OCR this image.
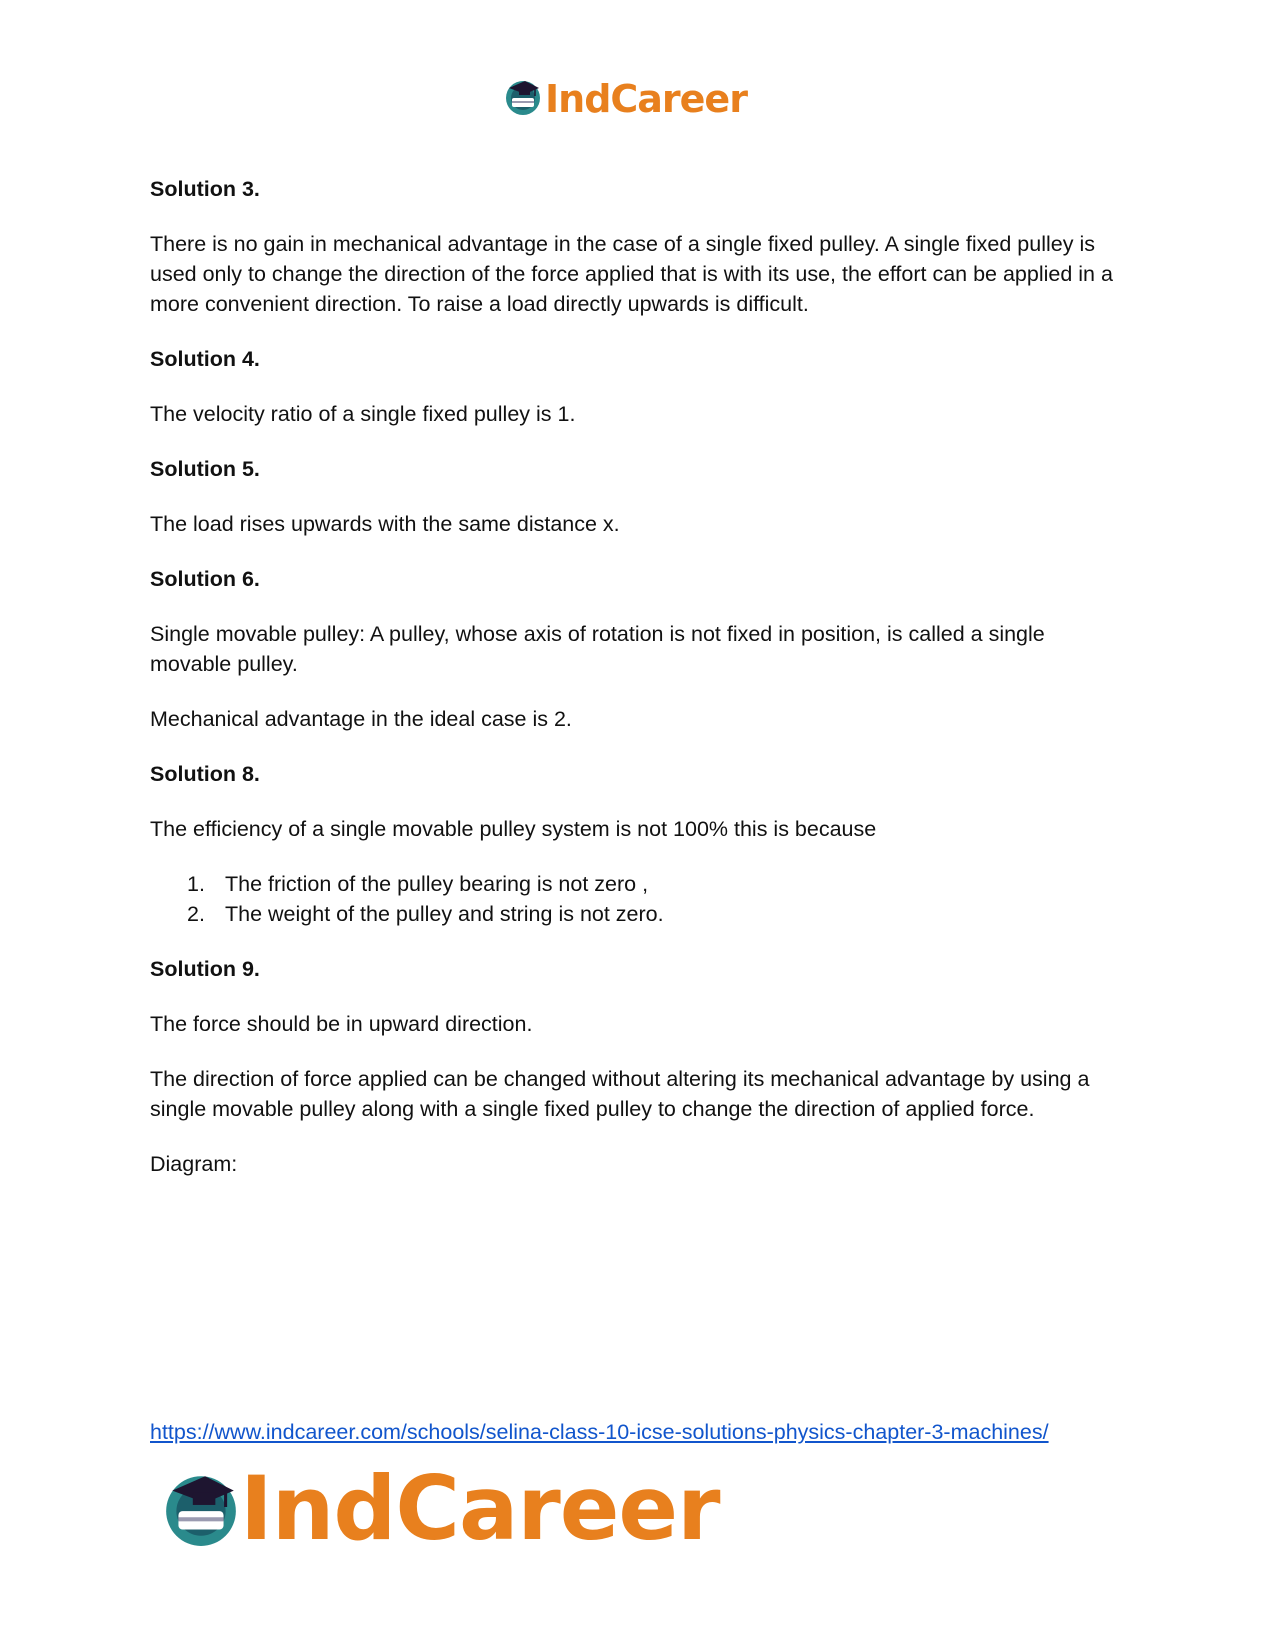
IndCareer
Solution 3.

There is no gain in mechanical advantage in the case of a single fixed pulley. A single fixed pulley is used only to change the direction of the force applied that is with its use, the effort can be applied in a more convenient direction. To raise a load directly upwards is difficult.

Solution 4.

The velocity ratio of a single fixed pulley is 1.

Solution 5.

The load rises upwards with the same distance x.

Solution 6.

Single movable pulley: A pulley, whose axis of rotation is not fixed in position, is called a single movable pulley.

Mechanical advantage in the ideal case is 2.

Solution 8.

The efficiency of a single movable pulley system is not 100% this is because

1. The friction of the pulley bearing is not zero ,
2. The weight of the pulley and string is not zero.
Solution 9.

The force should be in upward direction.

The direction of force applied can be changed without altering its mechanical advantage by using a single movable pulley along with a single fixed pulley to change the direction of applied force.

Diagram:

https://www.indcareer.com/schools/selina-class-10-icse-solutions-physics-chapter-3-machines/
IndCareer
